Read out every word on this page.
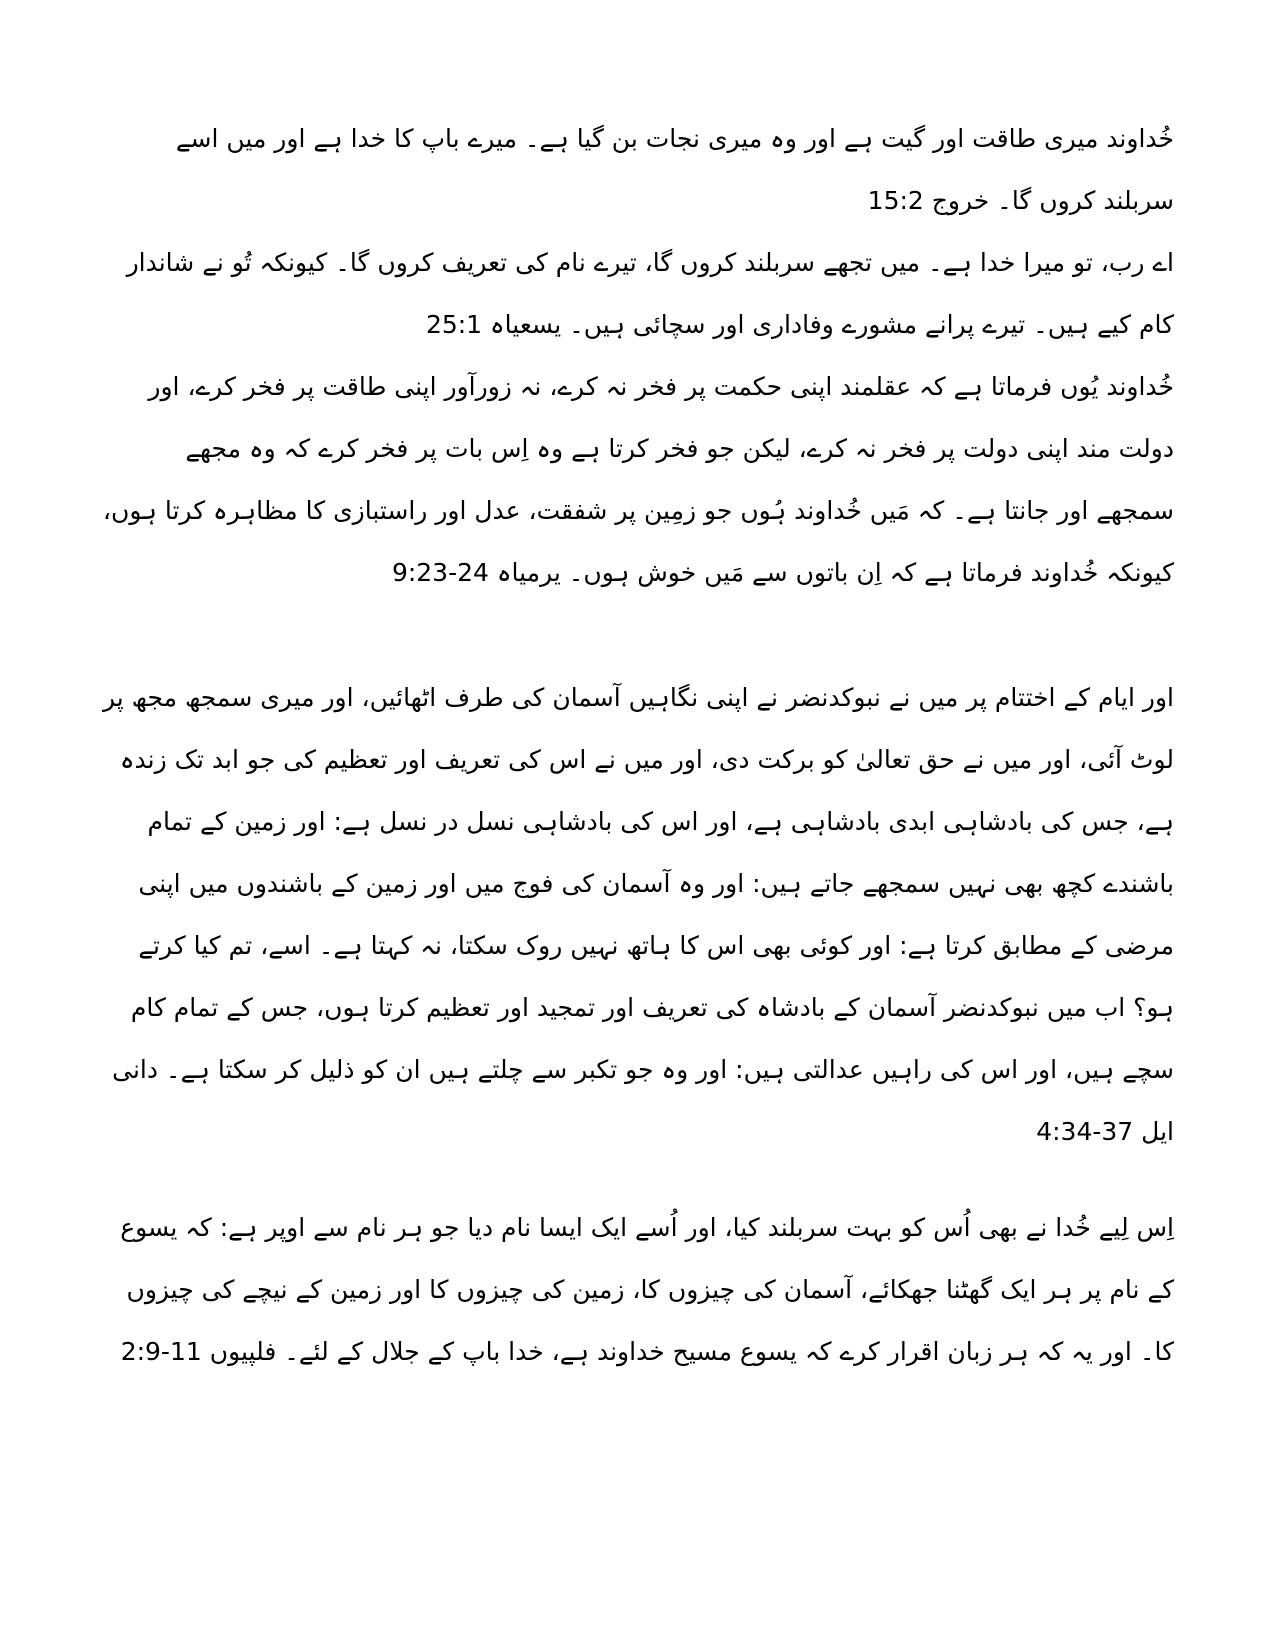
خُداوند میری طاقت اور گیت ہے اور وہ میری نجات بن گیا ہے۔ میرے باپ کا خدا ہے اور میں اسے سربلند کروں گا۔ خروج 15:2

اے رب، تو میرا خدا ہے۔ میں تجھے سربلند کروں گا، تیرے نام کی تعریف کروں گا۔ کیونکہ تُو نے شاندار کام کیے ہیں۔ تیرے پرانے مشورے وفاداری اور سچائی ہیں۔ یسعیاہ 25:1

خُداوند یُوں فرماتا ہے کہ عقلمند اپنی حکمت پر فخر نہ کرے، نہ زورآور اپنی طاقت پر فخر کرے، اور دولت مند اپنی دولت پر فخر نہ کرے، لیکن جو فخر کرتا ہے وہ اِس بات پر فخر کرے کہ وہ مجھے سمجھے اور جانتا ہے۔ کہ مَیں خُداوند ہُوں جو زمِین پر شفقت، عدل اور راستبازی کا مظاہرہ کرتا ہوں، کیونکہ خُداوند فرماتا ہے کہ اِن باتوں سے مَیں خوش ہوں۔ یرمیاہ 24-9:23

اور ایام کے اختتام پر میں نے نبوکدنضر نے اپنی نگاہیں آسمان کی طرف اٹھائیں، اور میری سمجھ مجھ پر لوٹ آئی، اور میں نے حق تعالیٰ کو برکت دی، اور میں نے اس کی تعریف اور تعظیم کی جو ابد تک زندہ ہے، جس کی بادشاہی ابدی بادشاہی ہے، اور اس کی بادشاہی نسل در نسل ہے: اور زمین کے تمام باشندے کچھ بھی نہیں سمجھے جاتے ہیں: اور وہ آسمان کی فوج میں اور زمین کے باشندوں میں اپنی مرضی کے مطابق کرتا ہے: اور کوئی بھی اس کا ہاتھ نہیں روک سکتا، نہ کہتا ہے۔ اسے، تم کیا کرتے ہو؟ اب میں نبوکدنضر آسمان کے بادشاہ کی تعریف اور تمجید اور تعظیم کرتا ہوں، جس کے تمام کام سچے ہیں، اور اس کی راہیں عدالتی ہیں: اور وہ جو تکبر سے چلتے ہیں ان کو ذلیل کر سکتا ہے۔ دانی ایل 37-4:34

اِس لِیے خُدا نے بھی اُس کو بہت سربلند کیا، اور اُسے ایک ایسا نام دیا جو ہر نام سے اوپر ہے: کہ یسوع کے نام پر ہر ایک گھٹنا جھکائے، آسمان کی چیزوں کا، زمین کی چیزوں کا اور زمین کے نیچے کی چیزوں کا۔ اور یہ کہ ہر زبان اقرار کرے کہ یسوع مسیح خداوند ہے، خدا باپ کے جلال کے لئے۔ فلپیوں 11-2:9
